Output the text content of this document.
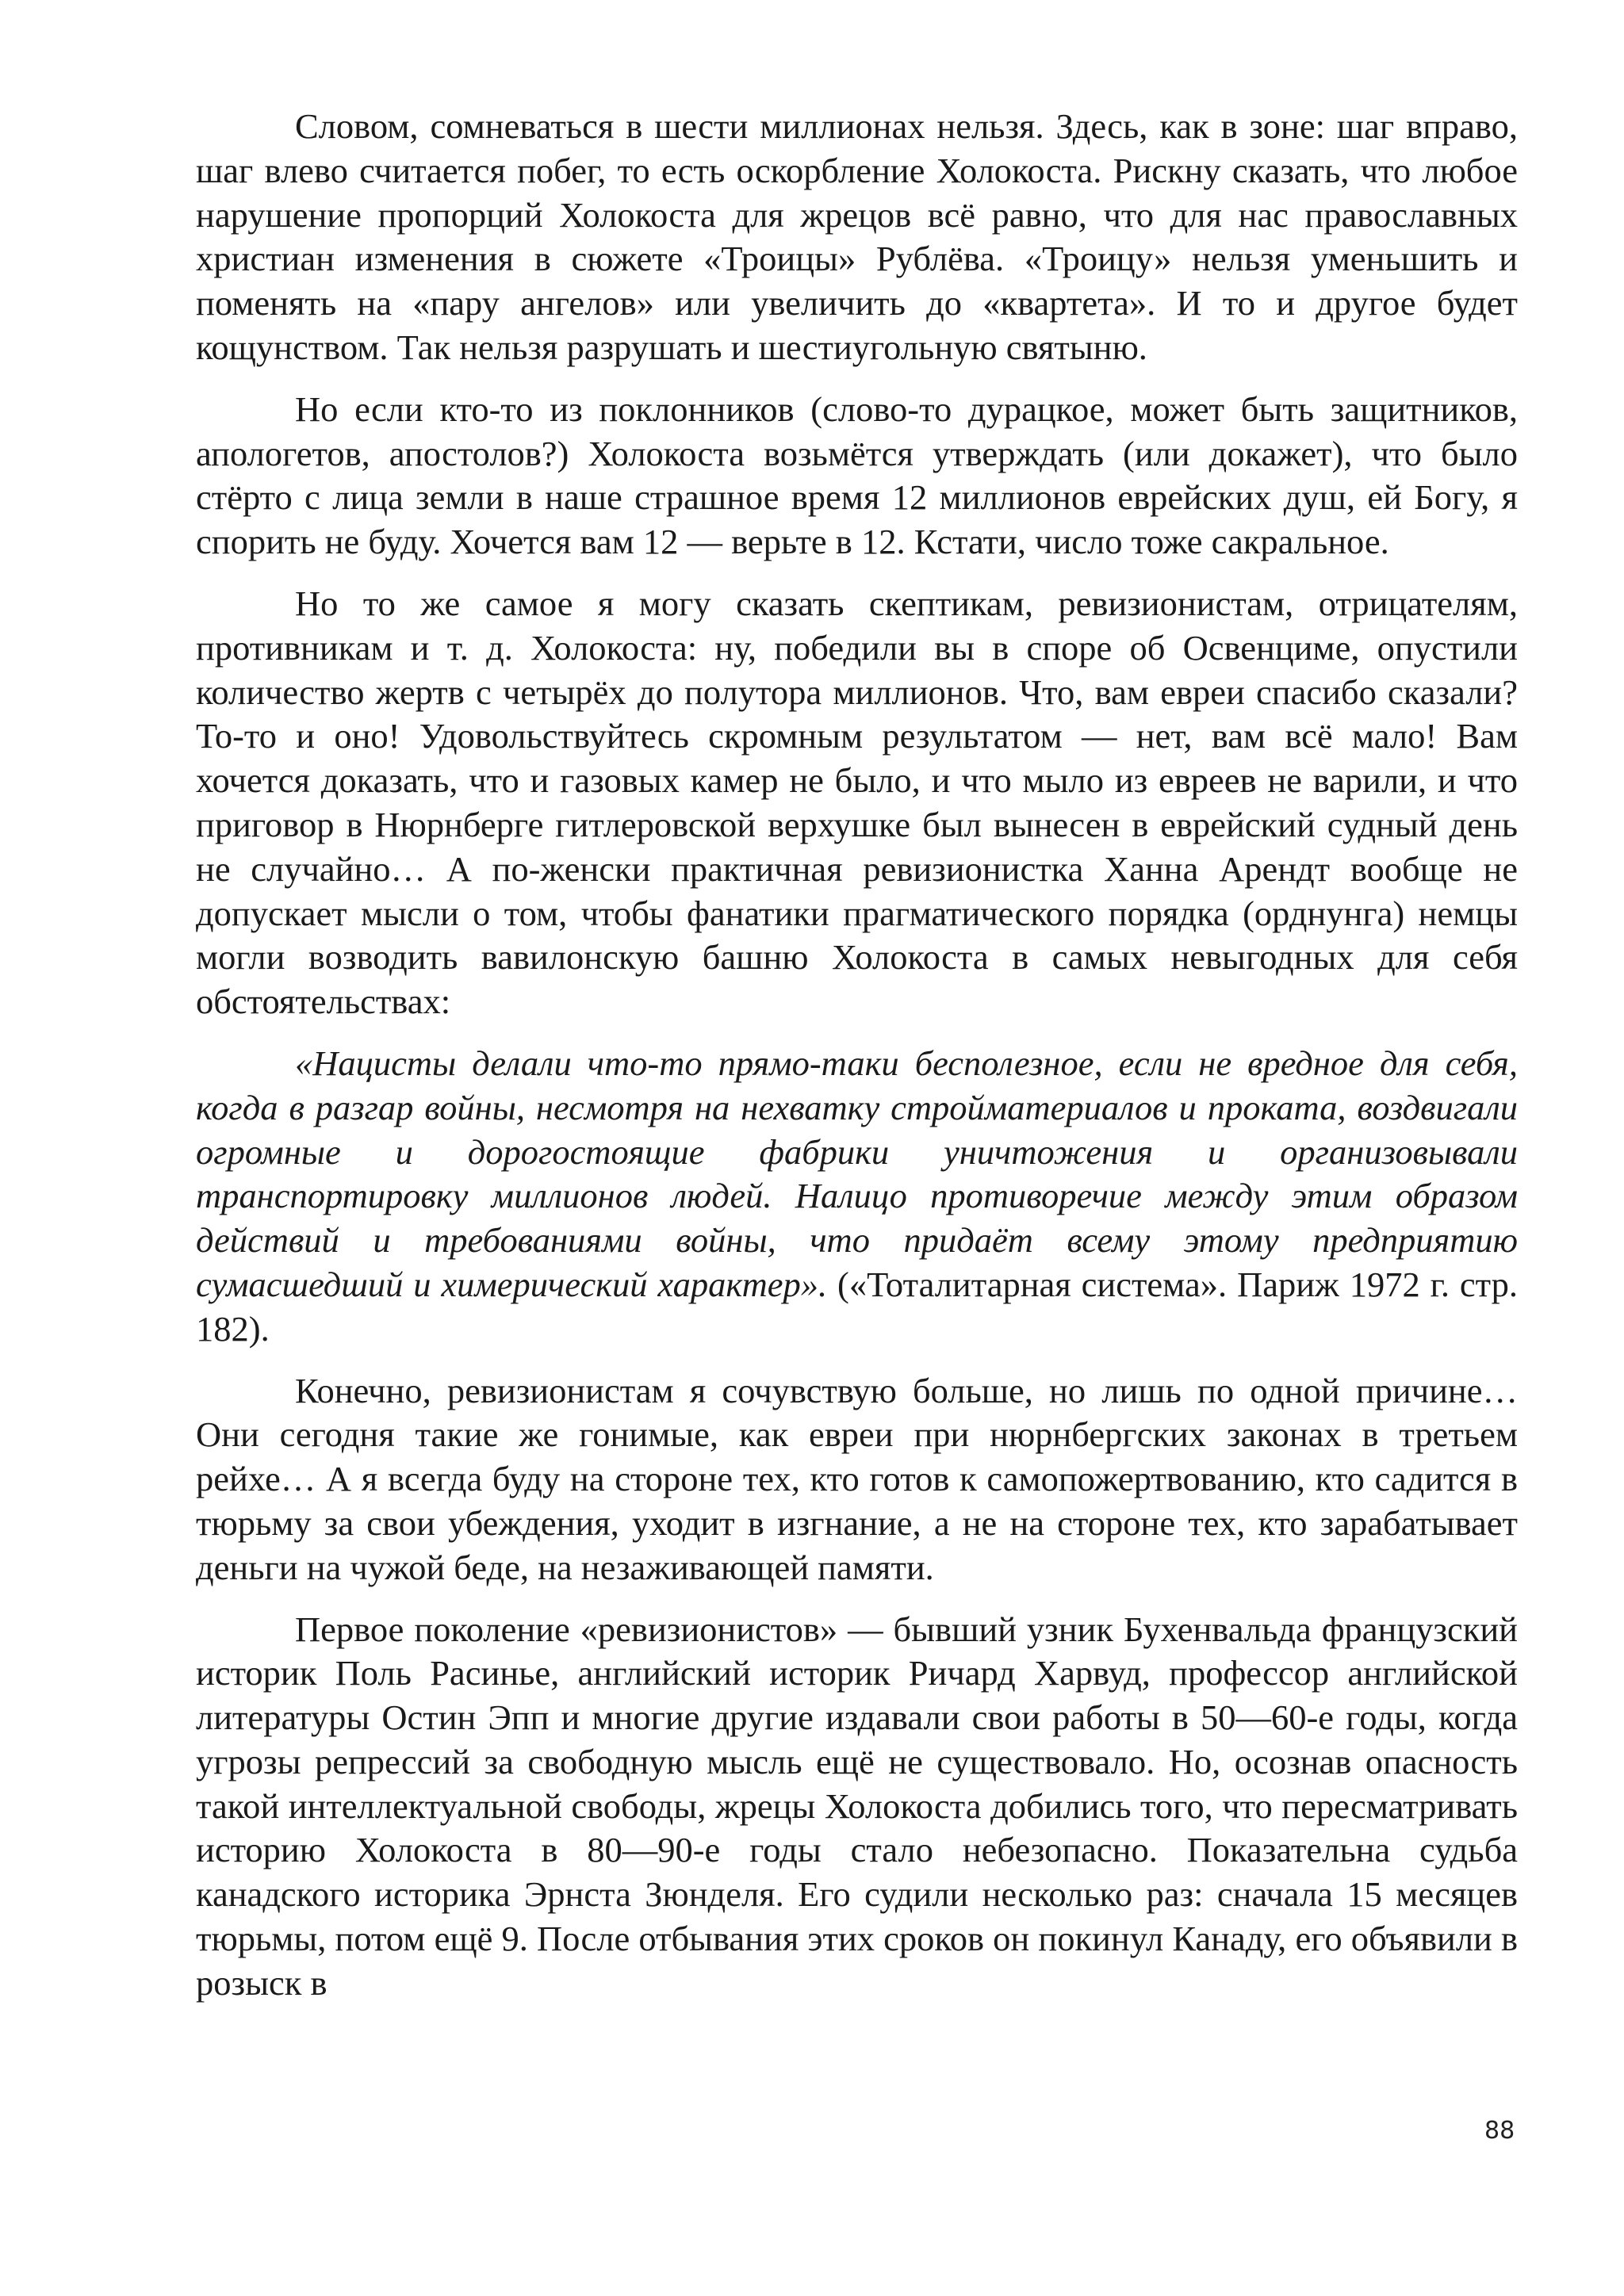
Словом, сомневаться в шести миллионах нельзя. Здесь, как в зоне: шаг вправо, шаг влево считается побег, то есть оскорбление Холокоста. Рискну сказать, что любое нарушение пропорций Холокоста для жрецов всё равно, что для нас православных христиан изменения в сюжете «Троицы» Рублёва. «Троицу» нельзя уменьшить и поменять на «пару ангелов» или увеличить до «квартета». И то и другое будет кощунством. Так нельзя разрушать и шестиугольную святыню.

Но если кто-то из поклонников (слово-то дурацкое, может быть защитников, апологетов, апостолов?) Холокоста возьмётся утверждать (или докажет), что было стёрто с лица земли в наше страшное время 12 миллионов еврейских душ, ей Богу, я спорить не буду. Хочется вам 12 — верьте в 12. Кстати, число тоже сакральное.

Но то же самое я могу сказать скептикам, ревизионистам, отрицателям, противникам и т. д. Холокоста: ну, победили вы в споре об Освенциме, опустили количество жертв с четырёх до полутора миллионов. Что, вам евреи спасибо сказали? То-то и оно! Удовольствуйтесь скромным результатом — нет, вам всё мало! Вам хочется доказать, что и газовых камер не было, и что мыло из евреев не варили, и что приговор в Нюрнберге гитлеровской верхушке был вынесен в еврейский судный день не случайно… А по-женски практичная ревизионистка Ханна Арендт вообще не допускает мысли о том, чтобы фанатики прагматического порядка (орднунга) немцы могли возводить вавилонскую башню Холокоста в самых невыгодных для себя обстоятельствах:

«Нацисты делали что-то прямо-таки бесполезное, если не вредное для себя, когда в разгар войны, несмотря на нехватку стройматериалов и проката, воздвигали огромные и дорогостоящие фабрики уничтожения и организовывали транспортировку миллионов людей. Налицо противоречие между этим образом действий и требованиями войны, что придаёт всему этому предприятию сумасшедший и химерический характер». («Тоталитарная система». Париж 1972 г. стр. 182).

Конечно, ревизионистам я сочувствую больше, но лишь по одной причине… Они сегодня такие же гонимые, как евреи при нюрнбергских законах в третьем рейхе… А я всегда буду на стороне тех, кто готов к самопожертвованию, кто садится в тюрьму за свои убеждения, уходит в изгнание, а не на стороне тех, кто зарабатывает деньги на чужой беде, на незаживающей памяти.

Первое поколение «ревизионистов» — бывший узник Бухенвальда французский историк Поль Расинье, английский историк Ричард Харвуд, профессор английской литературы Остин Эпп и многие другие издавали свои работы в 50—60-е годы, когда угрозы репрессий за свободную мысль ещё не существовало. Но, осознав опасность такой интеллектуальной свободы, жрецы Холокоста добились того, что пересматривать историю Холокоста в 80—90-е годы стало небезопасно. Показательна судьба канадского историка Эрнста Зюнделя. Его судили несколько раз: сначала 15 месяцев тюрьмы, потом ещё 9. После отбывания этих сроков он покинул Канаду, его объявили в розыск в

88
